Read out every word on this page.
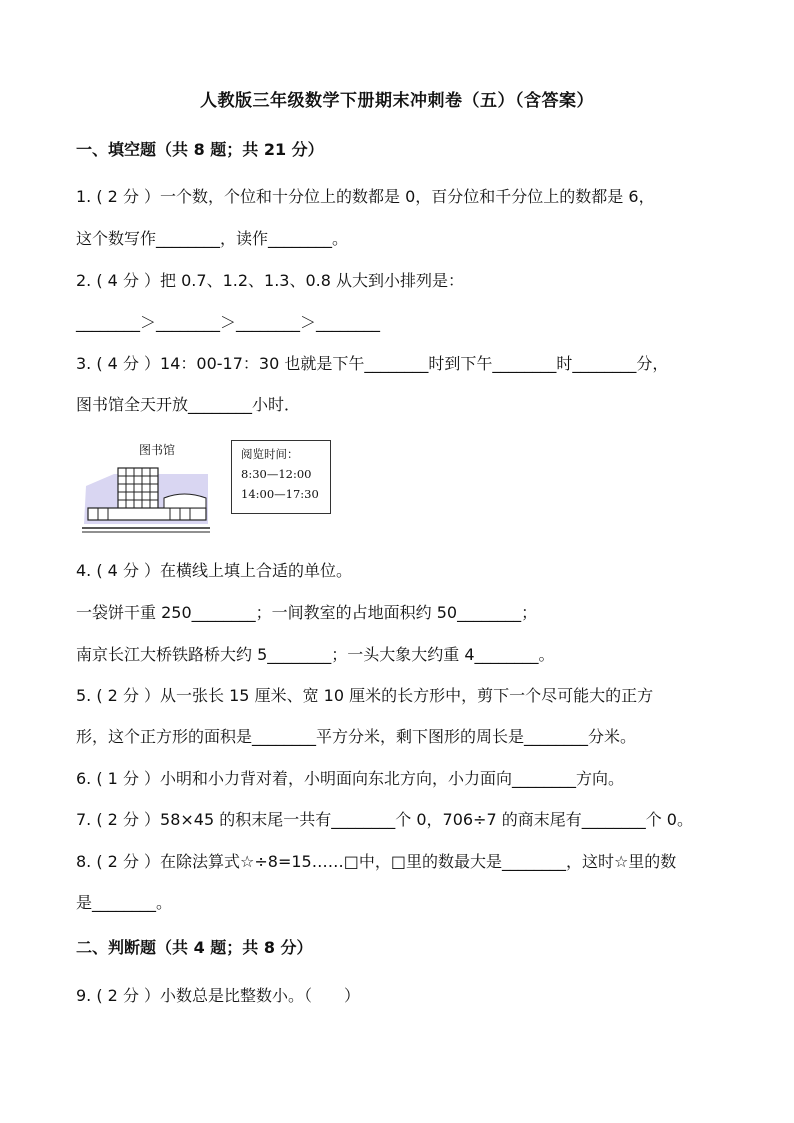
人教版三年级数学下册期末冲刺卷（五）（含答案）
一、填空题（共 8 题；共 21 分）
1. ( 2 分 ）一个数，个位和十分位上的数都是 0，百分位和千分位上的数都是 6，
这个数写作________，读作________。
2. ( 4 分 ）把 0.7、1.2、1.3、0.8 从大到小排列是：
________＞________＞________＞________
3. ( 4 分 ）14：00-17：30 也就是下午________时到下午________时________分，
图书馆全天开放________小时．
图书馆	阅览时间：
8:30—12:00
14:00—17:30
4. ( 4 分 ）在横线上填上合适的单位。
一袋饼干重 250________；一间教室的占地面积约 50________；
南京长江大桥铁路桥大约 5________；一头大象大约重 4________。
5. ( 2 分 ）从一张长 15 厘米、宽 10 厘米的长方形中，剪下一个尽可能大的正方
形，这个正方形的面积是________平方分米，剩下图形的周长是________分米。
6. ( 1 分 ）小明和小力背对着，小明面向东北方向，小力面向________方向。
7. ( 2 分 ）58×45 的积末尾一共有________个 0，706÷7 的商末尾有________个 0。
8. ( 2 分 ）在除法算式☆÷8=15……□中，□里的数最大是________，这时☆里的数
是________。
二、判断题（共 4 题；共 8 分）
9. ( 2 分 ）小数总是比整数小。（　　）
